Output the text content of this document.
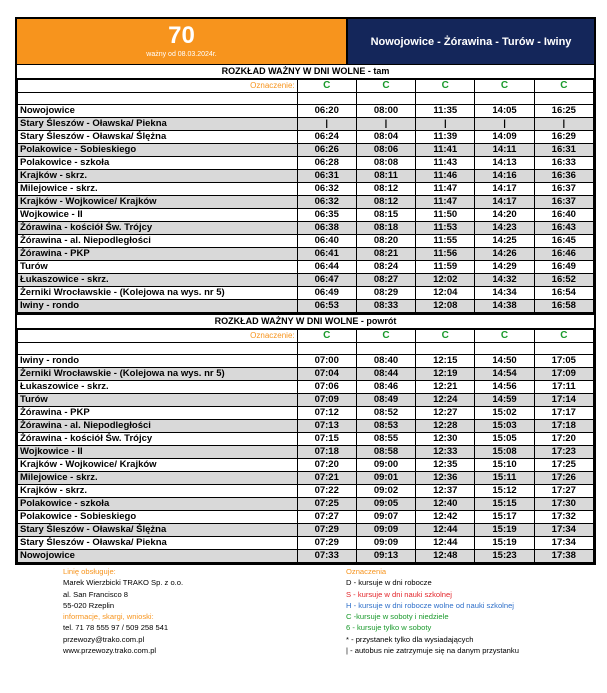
70
ważny od 08.03.2024r.
Nowojowice - Żórawina - Turów - Iwiny
ROZKŁAD WAŻNY W DNI WOLNE - tam
Oznaczenie:	C	C	C	C	C

Nowojowice	06:20	08:00	11:35	14:05	16:25
Stary Śleszów - Oławska/ Piekna	|	|	|	|	|
Stary Śleszów - Oławska/ Ślężna	06:24	08:04	11:39	14:09	16:29
Polakowice - Sobieskiego	06:26	08:06	11:41	14:11	16:31
Polakowice - szkoła	06:28	08:08	11:43	14:13	16:33
Krajków - skrz.	06:31	08:11	11:46	14:16	16:36
Milejowice - skrz.	06:32	08:12	11:47	14:17	16:37
Krajków - Wojkowice/ Krajków	06:32	08:12	11:47	14:17	16:37
Wojkowice - II	06:35	08:15	11:50	14:20	16:40
Żórawina - kościół Św. Trójcy	06:38	08:18	11:53	14:23	16:43
Żórawina - al. Niepodległości	06:40	08:20	11:55	14:25	16:45
Żórawina - PKP	06:41	08:21	11:56	14:26	16:46
Turów	06:44	08:24	11:59	14:29	16:49
Łukaszowice - skrz.	06:47	08:27	12:02	14:32	16:52
Żerniki Wrocławskie - (Kolejowa na wys. nr 5)	06:49	08:29	12:04	14:34	16:54
Iwiny - rondo	06:53	08:33	12:08	14:38	16:58
ROZKŁAD WAŻNY W DNI WOLNE - powrót
Oznaczenie:	C	C	C	C	C

Iwiny - rondo	07:00	08:40	12:15	14:50	17:05
Żerniki Wrocławskie - (Kolejowa na wys. nr 5)	07:04	08:44	12:19	14:54	17:09
Łukaszowice - skrz.	07:06	08:46	12:21	14:56	17:11
Turów	07:09	08:49	12:24	14:59	17:14
Żórawina - PKP	07:12	08:52	12:27	15:02	17:17
Żórawina - al. Niepodległości	07:13	08:53	12:28	15:03	17:18
Żórawina - kościół Św. Trójcy	07:15	08:55	12:30	15:05	17:20
Wojkowice - II	07:18	08:58	12:33	15:08	17:23
Krajków - Wojkowice/ Krajków	07:20	09:00	12:35	15:10	17:25
Milejowice - skrz.	07:21	09:01	12:36	15:11	17:26
Krajków - skrz.	07:22	09:02	12:37	15:12	17:27
Polakowice - szkoła	07:25	09:05	12:40	15:15	17:30
Polakowice - Sobieskiego	07:27	09:07	12:42	15:17	17:32
Stary Śleszów - Oławska/ Ślężna	07:29	09:09	12:44	15:19	17:34
Stary Śleszów - Oławska/ Piekna	07:29	09:09	12:44	15:19	17:34
Nowojowice	07:33	09:13	12:48	15:23	17:38
Linię obsługuje:
Marek Wierzbicki TRAKO Sp. z o.o.
al. San Francisco 8
55-020 Rzeplin
informacje, skargi, wnioski:
tel. 71 78 555 97 / 509 258 541
przewozy@trako.com.pl
www.przewozy.trako.com.pl
Oznaczenia
D - kursuje w dni robocze
S - kursuje w dni nauki szkolnej
H - kursuje w dni robocze wolne od nauki szkolnej
C -kursuje w soboty i niedziele
6 - kursuje tylko w soboty
* - przystanek tylko dla wysiadających
| - autobus nie zatrzymuje się na danym przystanku
